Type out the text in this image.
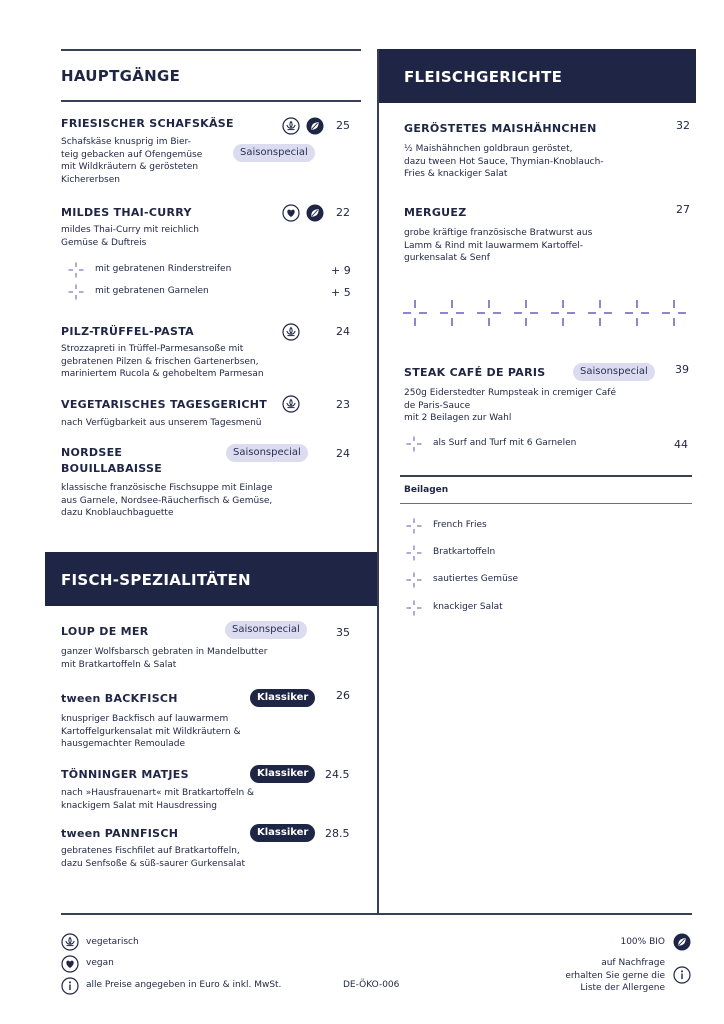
HAUPTGÄNGE
FRIESISCHER SCHAFSKÄSE	25
Schafskäse knusprig im Bier-
teig gebacken auf Ofengemüse
mit Wildkräutern & gerösteten
Kichererbsen
Saisonspecial
MILDES THAI-CURRY	22
mildes Thai-Curry mit reichlich
Gemüse & Duftreis
mit gebratenen Rinderstreifen	+ 9
mit gebratenen Garnelen	+ 5
PILZ-TRÜFFEL-PASTA	24
Strozzapreti in Trüffel-Parmesansoße mit
gebratenen Pilzen & frischen Gartenerbsen,
mariniertem Rucola & gehobeltem Parmesan
VEGETARISCHES TAGESGERICHT	23
nach Verfügbarkeit aus unserem Tagesmenü
NORDSEE
BOUILLABAISSE
Saisonspecial	24
klassische französische Fischsuppe mit Einlage
aus Garnele, Nordsee-Räucherfisch & Gemüse,
dazu Knoblauchbaguette
FISCH-SPEZIALITÄTEN
LOUP DE MER	Saisonspecial	35
ganzer Wolfsbarsch gebraten in Mandelbutter
mit Bratkartoffeln & Salat
tween BACKFISCH	Klassiker	26
knuspriger Backfisch auf lauwarmem
Kartoffelgurkensalat mit Wildkräutern &
hausgemachter Remoulade
TÖNNINGER MATJES	Klassiker	24.5
nach »Hausfrauenart« mit Bratkartoffeln &
knackigem Salat mit Hausdressing
tween PANNFISCH	Klassiker	28.5
gebratenes Fischfilet auf Bratkartoffeln,
dazu Senfsoße & süß-saurer Gurkensalat
FLEISCHGERICHTE
GERÖSTETES MAISHÄHNCHEN	32
½ Maishähnchen goldbraun geröstet,
dazu tween Hot Sauce, Thymian-Knoblauch-
Fries & knackiger Salat
MERGUEZ	27
grobe kräftige französische Bratwurst aus
Lamm & Rind mit lauwarmem Kartoffel-
gurkensalat & Senf
STEAK CAFÉ DE PARIS	Saisonspecial	39
250g Eiderstedter Rumpsteak in cremiger Café
de Paris-Sauce
mit 2 Beilagen zur Wahl
als Surf and Turf mit 6 Garnelen	44
Beilagen
French Fries
Bratkartoffeln
sautiertes Gemüse
knackiger Salat
vegetarisch
vegan
alle Preise angegeben in Euro & inkl. MwSt.	DE-ÖKO-006
100% BIO
auf Nachfrage
erhalten Sie gerne die
Liste der Allergene
